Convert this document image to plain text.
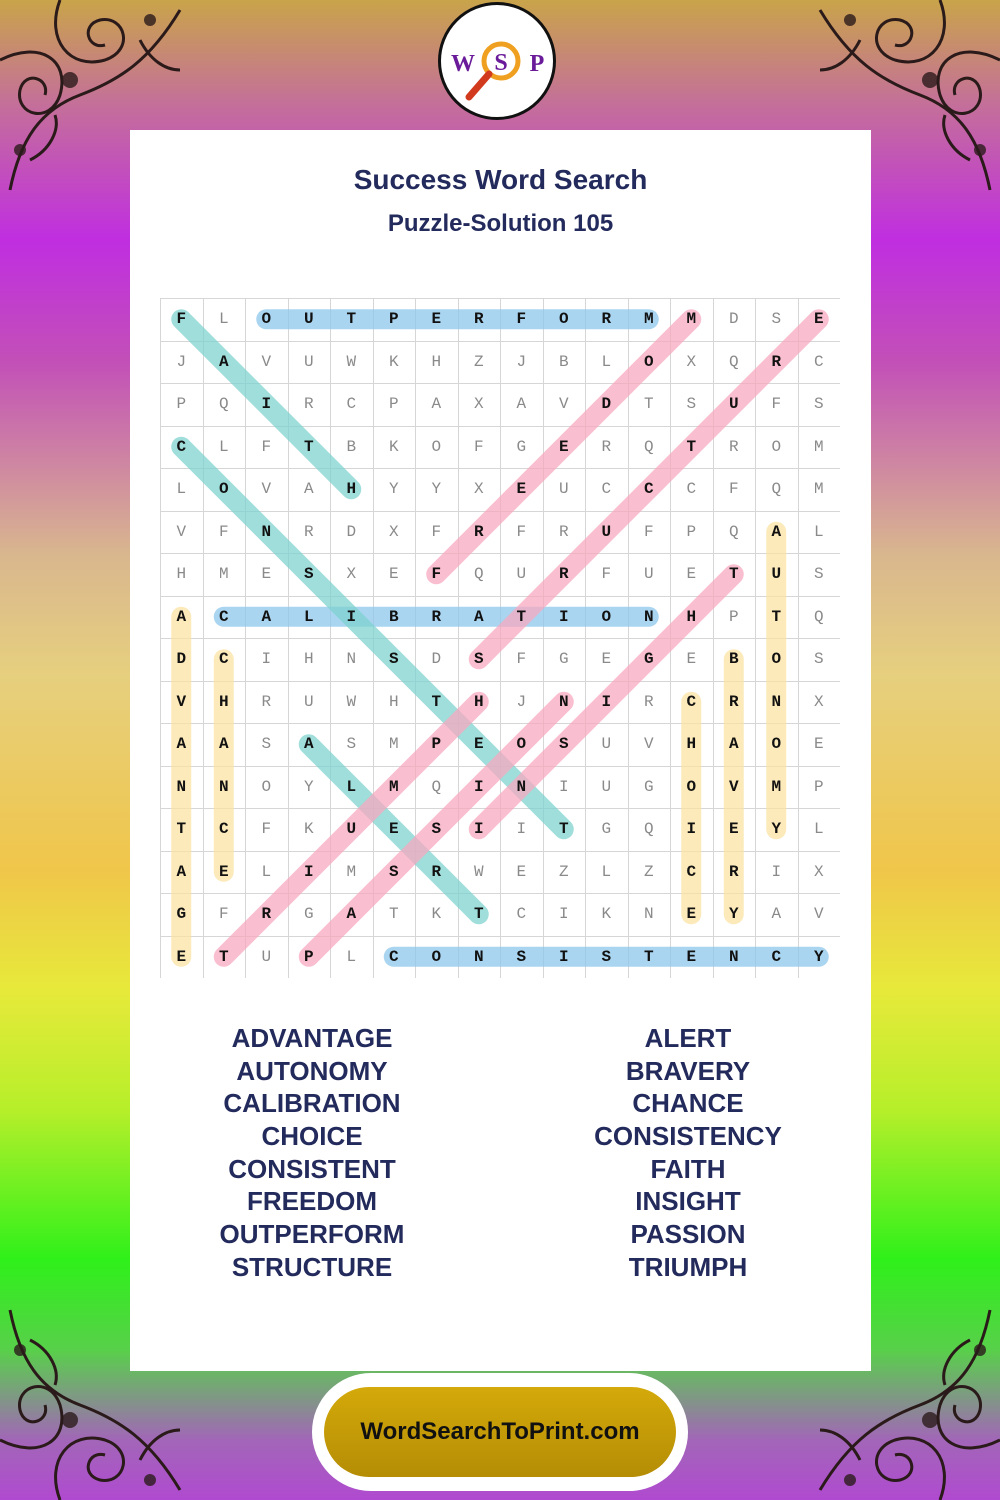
W S P
Success Word Search
Puzzle-Solution 105
F	L	O	U	T	P	E	R	F	O	R	M	M	D	S	E
J	A	V	U	W	K	H	Z	J	B	L	O	X	Q	R	C
P	Q	I	R	C	P	A	X	A	V	D	T	S	U	F	S
C	L	F	T	B	K	O	F	G	E	R	Q	T	R	O	M
L	O	V	A	H	Y	Y	X	E	U	C	C	C	F	Q	M
V	F	N	R	D	X	F	R	F	R	U	F	P	Q	A	L
H	M	E	S	X	E	F	Q	U	R	F	U	E	T	U	S
A	C	A	L	I	B	R	A	T	I	O	N	H	P	T	Q
D	C	I	H	N	S	D	S	F	G	E	G	E	B	O	S
V	H	R	U	W	H	T	H	J	N	I	R	C	R	N	X
A	A	S	A	S	M	P	E	O	S	U	V	H	A	O	E
N	N	O	Y	L	M	Q	I	N	I	U	G	O	V	M	P
T	C	F	K	U	E	S	I	I	T	G	Q	I	E	Y	L
A	E	L	I	M	S	R	W	E	Z	L	Z	C	R	I	X
G	F	R	G	A	T	K	T	C	I	K	N	E	Y	A	V
E	T	U	P	L	C	O	N	S	I	S	T	E	N	C	Y
ADVANTAGE
AUTONOMY
CALIBRATION
CHOICE
CONSISTENT
FREEDOM
OUTPERFORM
STRUCTURE
ALERT
BRAVERY
CHANCE
CONSISTENCY
FAITH
INSIGHT
PASSION
TRIUMPH
WordSearchToPrint.com
